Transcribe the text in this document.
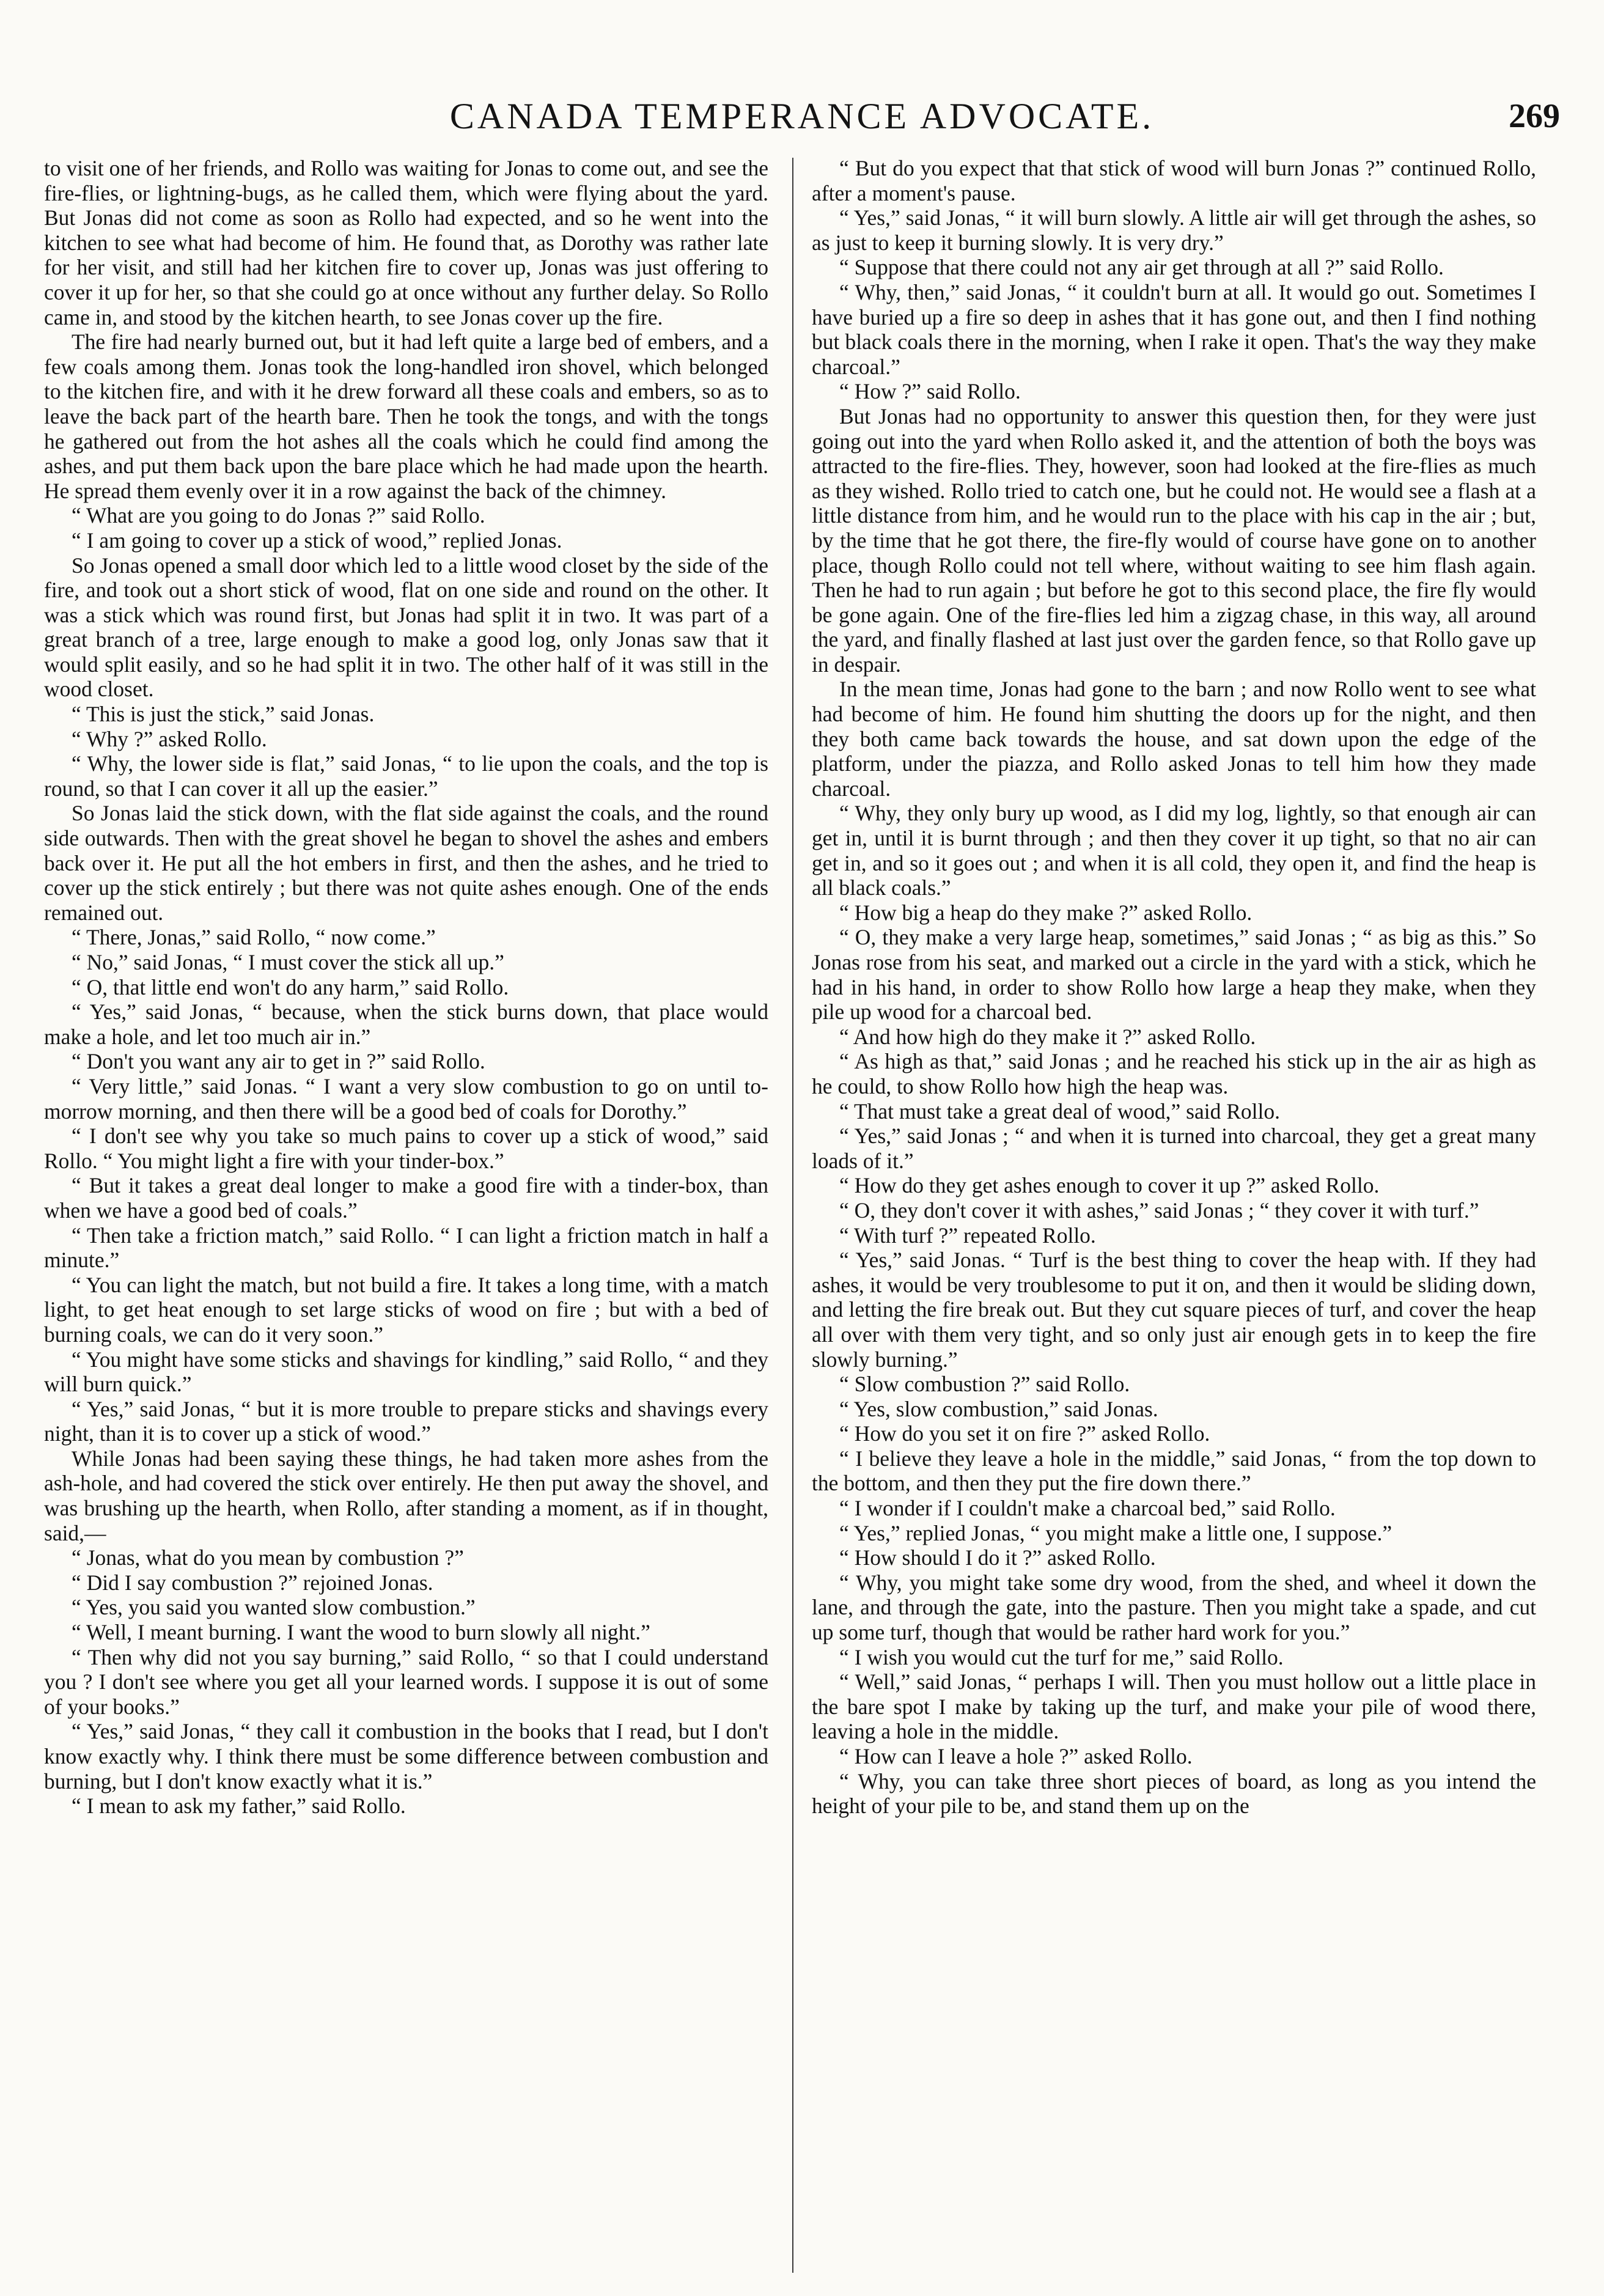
CANADA TEMPERANCE ADVOCATE.	269

to visit one of her friends, and Rollo was waiting for Jonas to come out, and see the fire-flies, or lightning-bugs, as he called them, which were flying about the yard. But Jonas did not come as soon as Rollo had expected, and so he went into the kitchen to see what had become of him. He found that, as Dorothy was rather late for her visit, and still had her kitchen fire to cover up, Jonas was just offering to cover it up for her, so that she could go at once without any further delay. So Rollo came in, and stood by the kitchen hearth, to see Jonas cover up the fire.

The fire had nearly burned out, but it had left quite a large bed of embers, and a few coals among them. Jonas took the long-handled iron shovel, which belonged to the kitchen fire, and with it he drew forward all these coals and embers, so as to leave the back part of the hearth bare. Then he took the tongs, and with the tongs he gathered out from the hot ashes all the coals which he could find among the ashes, and put them back upon the bare place which he had made upon the hearth. He spread them evenly over it in a row against the back of the chimney.

“ What are you going to do Jonas ?” said Rollo.

“ I am going to cover up a stick of wood,” replied Jonas.

So Jonas opened a small door which led to a little wood closet by the side of the fire, and took out a short stick of wood, flat on one side and round on the other. It was a stick which was round first, but Jonas had split it in two. It was part of a great branch of a tree, large enough to make a good log, only Jonas saw that it would split easily, and so he had split it in two. The other half of it was still in the wood closet.

“ This is just the stick,” said Jonas.

“ Why ?” asked Rollo.

“ Why, the lower side is flat,” said Jonas, “ to lie upon the coals, and the top is round, so that I can cover it all up the easier.”

So Jonas laid the stick down, with the flat side against the coals, and the round side outwards. Then with the great shovel he began to shovel the ashes and embers back over it. He put all the hot embers in first, and then the ashes, and he tried to cover up the stick entirely ; but there was not quite ashes enough. One of the ends remained out.

“ There, Jonas,” said Rollo, “ now come.”

“ No,” said Jonas, “ I must cover the stick all up.”

“ O, that little end won't do any harm,” said Rollo.

“ Yes,” said Jonas, “ because, when the stick burns down, that place would make a hole, and let too much air in.”

“ Don't you want any air to get in ?” said Rollo.

“ Very little,” said Jonas. “ I want a very slow combustion to go on until to-morrow morning, and then there will be a good bed of coals for Dorothy.”

“ I don't see why you take so much pains to cover up a stick of wood,” said Rollo. “ You might light a fire with your tinder-box.”

“ But it takes a great deal longer to make a good fire with a tinder-box, than when we have a good bed of coals.”

“ Then take a friction match,” said Rollo. “ I can light a friction match in half a minute.”

“ You can light the match, but not build a fire. It takes a long time, with a match light, to get heat enough to set large sticks of wood on fire ; but with a bed of burning coals, we can do it very soon.”

“ You might have some sticks and shavings for kindling,” said Rollo, “ and they will burn quick.”

“ Yes,” said Jonas, “ but it is more trouble to prepare sticks and shavings every night, than it is to cover up a stick of wood.”

While Jonas had been saying these things, he had taken more ashes from the ash-hole, and had covered the stick over entirely. He then put away the shovel, and was brushing up the hearth, when Rollo, after standing a moment, as if in thought, said,—

“ Jonas, what do you mean by combustion ?”

“ Did I say combustion ?” rejoined Jonas.

“ Yes, you said you wanted slow combustion.”

“ Well, I meant burning. I want the wood to burn slowly all night.”

“ Then why did not you say burning,” said Rollo, “ so that I could understand you ? I don't see where you get all your learned words. I suppose it is out of some of your books.”

“ Yes,” said Jonas, “ they call it combustion in the books that I read, but I don't know exactly why. I think there must be some difference between combustion and burning, but I don't know exactly what it is.”

“ I mean to ask my father,” said Rollo.

“ But do you expect that that stick of wood will burn Jonas ?” continued Rollo, after a moment's pause.

“ Yes,” said Jonas, “ it will burn slowly. A little air will get through the ashes, so as just to keep it burning slowly. It is very dry.”

“ Suppose that there could not any air get through at all ?” said Rollo.

“ Why, then,” said Jonas, “ it couldn't burn at all. It would go out. Sometimes I have buried up a fire so deep in ashes that it has gone out, and then I find nothing but black coals there in the morning, when I rake it open. That's the way they make charcoal.”

“ How ?” said Rollo.

But Jonas had no opportunity to answer this question then, for they were just going out into the yard when Rollo asked it, and the attention of both the boys was attracted to the fire-flies. They, however, soon had looked at the fire-flies as much as they wished. Rollo tried to catch one, but he could not. He would see a flash at a little distance from him, and he would run to the place with his cap in the air ; but, by the time that he got there, the fire-fly would of course have gone on to another place, though Rollo could not tell where, without waiting to see him flash again. Then he had to run again ; but before he got to this second place, the fire fly would be gone again. One of the fire-flies led him a zigzag chase, in this way, all around the yard, and finally flashed at last just over the garden fence, so that Rollo gave up in despair.

In the mean time, Jonas had gone to the barn ; and now Rollo went to see what had become of him. He found him shutting the doors up for the night, and then they both came back towards the house, and sat down upon the edge of the platform, under the piazza, and Rollo asked Jonas to tell him how they made charcoal.

“ Why, they only bury up wood, as I did my log, lightly, so that enough air can get in, until it is burnt through ; and then they cover it up tight, so that no air can get in, and so it goes out ; and when it is all cold, they open it, and find the heap is all black coals.”

“ How big a heap do they make ?” asked Rollo.

“ O, they make a very large heap, sometimes,” said Jonas ; “ as big as this.” So Jonas rose from his seat, and marked out a circle in the yard with a stick, which he had in his hand, in order to show Rollo how large a heap they make, when they pile up wood for a charcoal bed.

“ And how high do they make it ?” asked Rollo.

“ As high as that,” said Jonas ; and he reached his stick up in the air as high as he could, to show Rollo how high the heap was.

“ That must take a great deal of wood,” said Rollo.

“ Yes,” said Jonas ; “ and when it is turned into charcoal, they get a great many loads of it.”

“ How do they get ashes enough to cover it up ?” asked Rollo.

“ O, they don't cover it with ashes,” said Jonas ; “ they cover it with turf.”

“ With turf ?” repeated Rollo.

“ Yes,” said Jonas. “ Turf is the best thing to cover the heap with. If they had ashes, it would be very troublesome to put it on, and then it would be sliding down, and letting the fire break out. But they cut square pieces of turf, and cover the heap all over with them very tight, and so only just air enough gets in to keep the fire slowly burning.”

“ Slow combustion ?” said Rollo.

“ Yes, slow combustion,” said Jonas.

“ How do you set it on fire ?” asked Rollo.

“ I believe they leave a hole in the middle,” said Jonas, “ from the top down to the bottom, and then they put the fire down there.”

“ I wonder if I couldn't make a charcoal bed,” said Rollo.

“ Yes,” replied Jonas, “ you might make a little one, I suppose.”

“ How should I do it ?” asked Rollo.

“ Why, you might take some dry wood, from the shed, and wheel it down the lane, and through the gate, into the pasture. Then you might take a spade, and cut up some turf, though that would be rather hard work for you.”

“ I wish you would cut the turf for me,” said Rollo.

“ Well,” said Jonas, “ perhaps I will. Then you must hollow out a little place in the bare spot I make by taking up the turf, and make your pile of wood there, leaving a hole in the middle.

“ How can I leave a hole ?” asked Rollo.

“ Why, you can take three short pieces of board, as long as you intend the height of your pile to be, and stand them up on the
